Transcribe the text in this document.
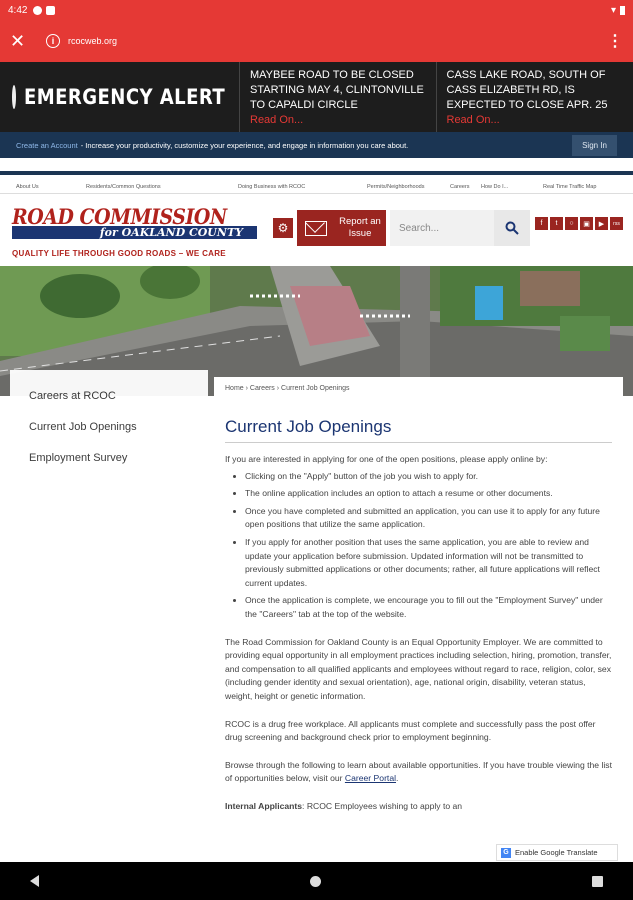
4:42	▾
✕	i	rcocweb.org	⋮
EMERGENCY ALERT
MAYBEE ROAD TO BE CLOSED STARTING MAY 4, CLINTONVILLE TO CAPALDI CIRCLE
Read On...
CASS LAKE ROAD, SOUTH OF CASS ELIZABETH RD, IS EXPECTED TO CLOSE APR. 25
Read On...
Create an Account - Increase your productivity, customize your experience, and engage in information you care about.	Sign In
About Us	Residents/Common Questions	Doing Business with RCOC	Permits/Neighborhoods	Careers How Do I...	Real Time Traffic Map
ROAD COMMISSION
for OAKLAND COUNTY
QUALITY LIFE THROUGH GOOD ROADS – WE CARE
⚙	Report an
Issue	Search...	f	t	○	▣	▶	rss
Careers at RCOC
Current Job Openings
Employment Survey
Home › Careers › Current Job Openings
Current Job Openings
If you are interested in applying for one of the open positions, please apply online by:
• Clicking on the "Apply" button of the job you wish to apply for.
• The online application includes an option to attach a resume or other documents.
• Once you have completed and submitted an application, you can use it to apply for any future open positions that utilize the same application.
• If you apply for another position that uses the same application, you are able to review and update your application before submission. Updated information will not be transmitted to previously submitted applications or other documents; rather, all future applications will reflect current updates.
• Once the application is complete, we encourage you to fill out the "Employment Survey" under the "Careers" tab at the top of the website.

The Road Commission for Oakland County is an Equal Opportunity Employer. We are committed to providing equal opportunity in all employment practices including selection, hiring, promotion, transfer, and compensation to all qualified applicants and employees without regard to race, religion, color, sex (including gender identity and sexual orientation), age, national origin, disability, veteran status, weight, height or genetic information.

RCOC is a drug free workplace. All applicants must complete and successfully pass the post offer drug screening and background check prior to employment beginning.

Browse through the following to learn about available opportunities. If you have trouble viewing the list of opportunities below, visit our Career Portal.

Internal Applicants: RCOC Employees wishing to apply to an

G Enable Google Translate
